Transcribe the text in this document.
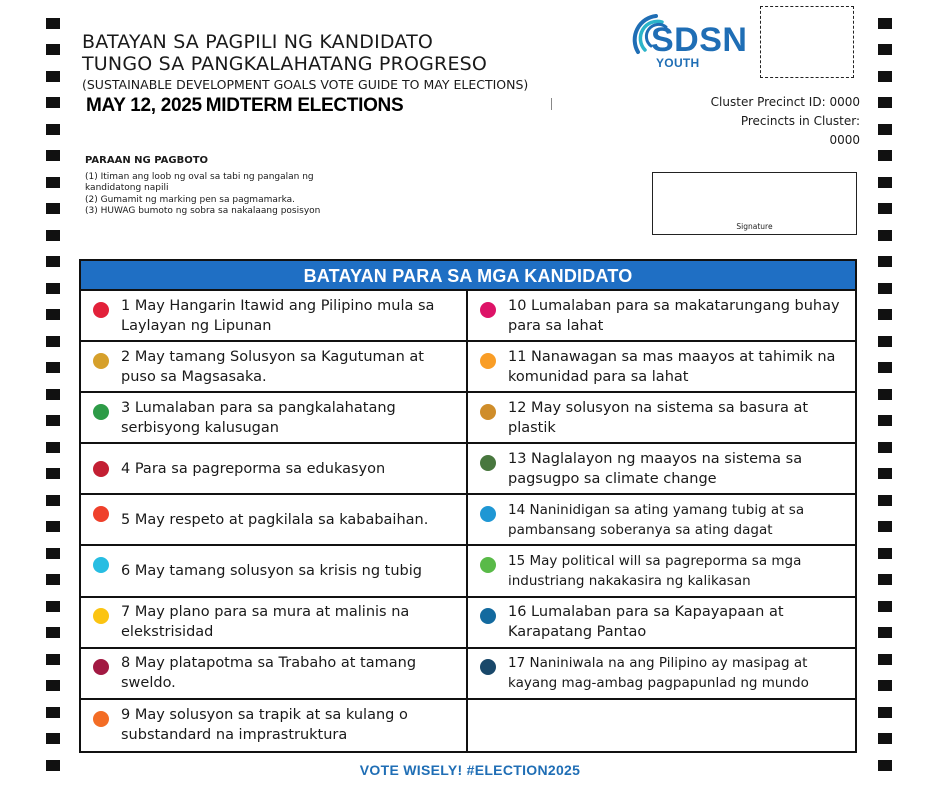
BATAYAN SA PAGPILI NG KANDIDATO
TUNGO SA PANGKALAHATANG PROGRESO
(SUSTAINABLE DEVELOPMENT GOALS VOTE GUIDE TO MAY ELECTIONS)
MAY 12, 2025 MIDTERM ELECTIONS
SDSN
YOUTH
Cluster Precinct ID: 0000
Precincts in Cluster:
0000
PARAAN NG PAGBOTO
(1) Itiman ang loob ng oval sa tabi ng pangalan ng kandidatong napili
(2) Gumamit ng marking pen sa pagmamarka.
(3) HUWAG bumoto ng sobra sa nakalaang posisyon
Signature
BATAYAN PARA SA MGA KANDIDATO
1 May Hangarin Itawid ang Pilipino mula sa Laylayan ng Lipunan
2 May tamang Solusyon sa Kagutuman at puso sa Magsasaka.
3 Lumalaban para sa pangkalahatang serbisyong kalusugan
4 Para sa pagreporma sa edukasyon
5 May respeto at pagkilala sa kababaihan.
6 May tamang solusyon sa krisis ng tubig
7 May plano para sa mura at malinis na elekstrisidad
8 May platapotma sa Trabaho at tamang sweldo.
9 May solusyon sa trapik at sa kulang o substandard na imprastruktura
10 Lumalaban para sa makatarungang buhay para sa lahat
11 Nanawagan sa mas maayos at tahimik na komunidad para sa lahat
12 May solusyon na sistema sa basura at plastik
13 Naglalayon ng maayos na sistema sa pagsugpo sa climate change
14 Naninidigan sa ating yamang tubig at sa pambansang soberanya sa ating dagat
15 May political will sa pagreporma sa mga industriang nakakasira ng kalikasan
16 Lumalaban para sa Kapayapaan at Karapatang Pantao
17 Naniniwala na ang Pilipino ay masipag at kayang mag-ambag pagpapunlad ng mundo
VOTE WISELY! #ELECTION2025
